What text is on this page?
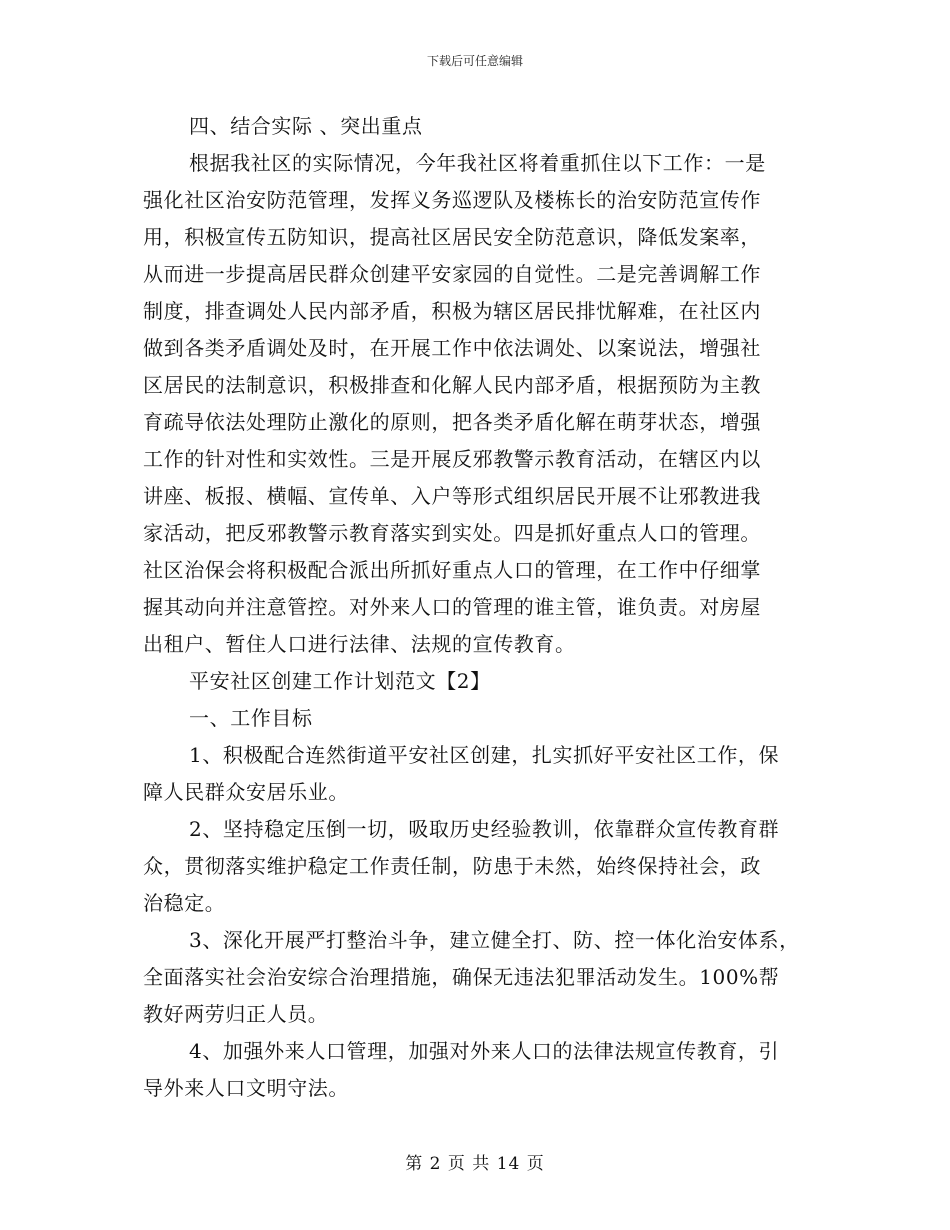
下载后可任意编辑
四、结合实际 、突出重点
根据我社区的实际情况，今年我社区将着重抓住以下工作：一是
强化社区治安防范管理，发挥义务巡逻队及楼栋长的治安防范宣传作
用，积极宣传五防知识，提高社区居民安全防范意识，降低发案率，
从而进一步提高居民群众创建平安家园的自觉性。二是完善调解工作
制度，排查调处人民内部矛盾，积极为辖区居民排忧解难，在社区内
做到各类矛盾调处及时，在开展工作中依法调处、以案说法，增强社
区居民的法制意识，积极排查和化解人民内部矛盾，根据预防为主教
育疏导依法处理防止激化的原则，把各类矛盾化解在萌芽状态，增强
工作的针对性和实效性。三是开展反邪教警示教育活动，在辖区内以
讲座、板报、横幅、宣传单、入户等形式组织居民开展不让邪教进我
家活动，把反邪教警示教育落实到实处。四是抓好重点人口的管理。
社区治保会将积极配合派出所抓好重点人口的管理，在工作中仔细掌
握其动向并注意管控。对外来人口的管理的谁主管，谁负责。对房屋
出租户、暂住人口进行法律、法规的宣传教育。
平安社区创建工作计划范文【2】
一、工作目标
1、积极配合连然街道平安社区创建，扎实抓好平安社区工作，保
障人民群众安居乐业。
2、坚持稳定压倒一切，吸取历史经验教训，依靠群众宣传教育群
众，贯彻落实维护稳定工作责任制，防患于未然，始终保持社会，政
治稳定。
3、深化开展严打整治斗争，建立健全打、防、控一体化治安体系，
全面落实社会治安综合治理措施，确保无违法犯罪活动发生。100%帮
教好两劳归正人员。
4、加强外来人口管理，加强对外来人口的法律法规宣传教育，引
导外来人口文明守法。
第 2 页 共 14 页
